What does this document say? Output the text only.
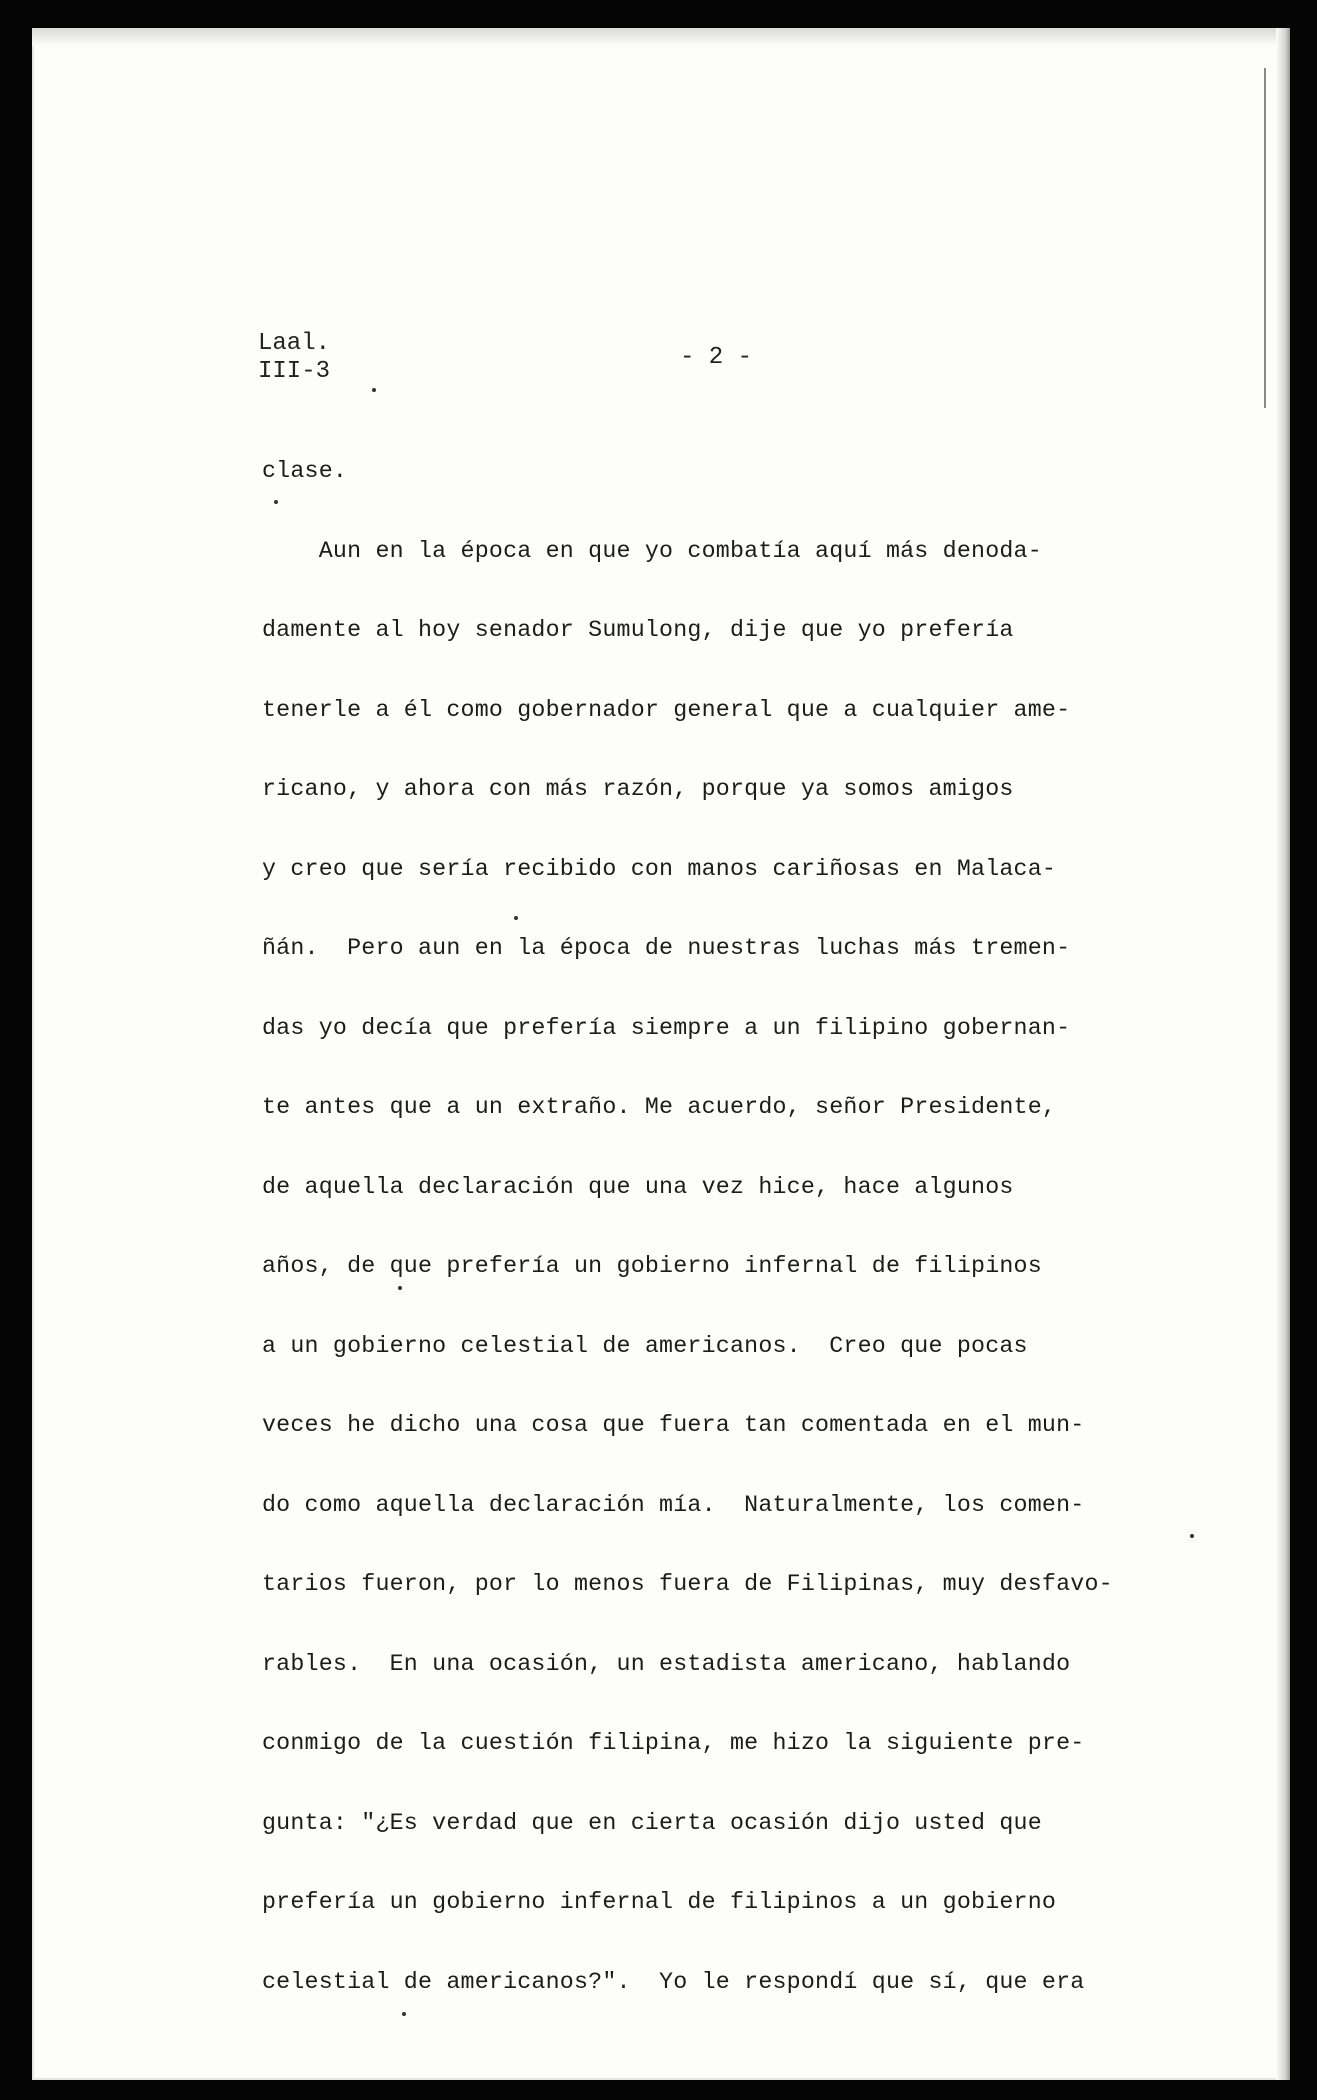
Laal.
III-3
- 2 -
clase.
Aun en la época en que yo combatía aquí más denoda-
damente al hoy senador Sumulong, dije que yo prefería
tenerle a él como gobernador general que a cualquier ame-
ricano, y ahora con más razón, porque ya somos amigos
y creo que sería recibido con manos cariñosas en Malaca-
ñán.  Pero aun en la época de nuestras luchas más tremen-
das yo decía que prefería siempre a un filipino gobernan-
te antes que a un extraño. Me acuerdo, señor Presidente,
de aquella declaración que una vez hice, hace algunos
años, de que prefería un gobierno infernal de filipinos
a un gobierno celestial de americanos.  Creo que pocas
veces he dicho una cosa que fuera tan comentada en el mun-
do como aquella declaración mía.  Naturalmente, los comen-
tarios fueron, por lo menos fuera de Filipinas, muy desfavo-
rables.  En una ocasión, un estadista americano, hablando
conmigo de la cuestión filipina, me hizo la siguiente pre-
gunta: "¿Es verdad que en cierta ocasión dijo usted que
prefería un gobierno infernal de filipinos a un gobierno
celestial de americanos?".  Yo le respondí que sí, que era
